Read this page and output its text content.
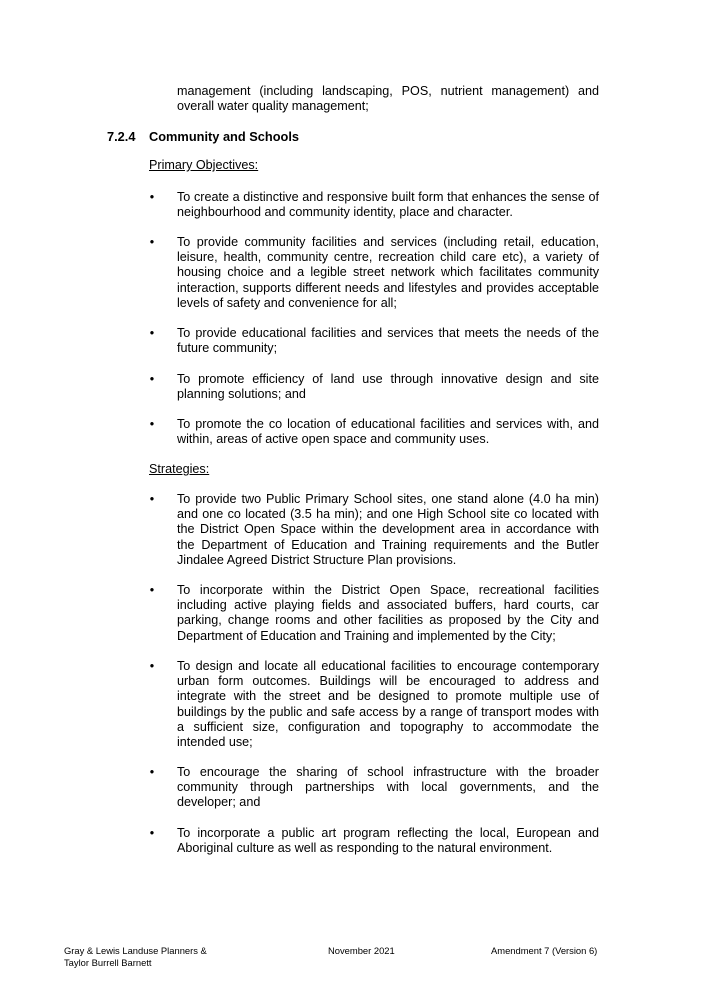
management (including landscaping, POS, nutrient management) and overall water quality management;

7.2.4 Community and Schools

Primary Objectives:

• To create a distinctive and responsive built form that enhances the sense of neighbourhood and community identity, place and character.

• To provide community facilities and services (including retail, education, leisure, health, community centre, recreation child care etc), a variety of housing choice and a legible street network which facilitates community interaction, supports different needs and lifestyles and provides acceptable levels of safety and convenience for all;

• To provide educational facilities and services that meets the needs of the future community;

• To promote efficiency of land use through innovative design and site planning solutions; and

• To promote the co location of educational facilities and services with, and within, areas of active open space and community uses.

Strategies:

• To provide two Public Primary School sites, one stand alone (4.0 ha min) and one co located (3.5 ha min); and one High School site co located with the District Open Space within the development area in accordance with the Department of Education and Training requirements and the Butler Jindalee Agreed District Structure Plan provisions.

• To incorporate within the District Open Space, recreational facilities including active playing fields and associated buffers, hard courts, car parking, change rooms and other facilities as proposed by the City and Department of Education and Training and implemented by the City;

• To design and locate all educational facilities to encourage contemporary urban form outcomes. Buildings will be encouraged to address and integrate with the street and be designed to promote multiple use of buildings by the public and safe access by a range of transport modes with a sufficient size, configuration and topography to accommodate the intended use;

• To encourage the sharing of school infrastructure with the broader community through partnerships with local governments, and the developer; and

• To incorporate a public art program reflecting the local, European and Aboriginal culture as well as responding to the natural environment.

Gray & Lewis Landuse Planners &
Taylor Burrell Barnett
November 2021	Amendment 7 (Version 6)
